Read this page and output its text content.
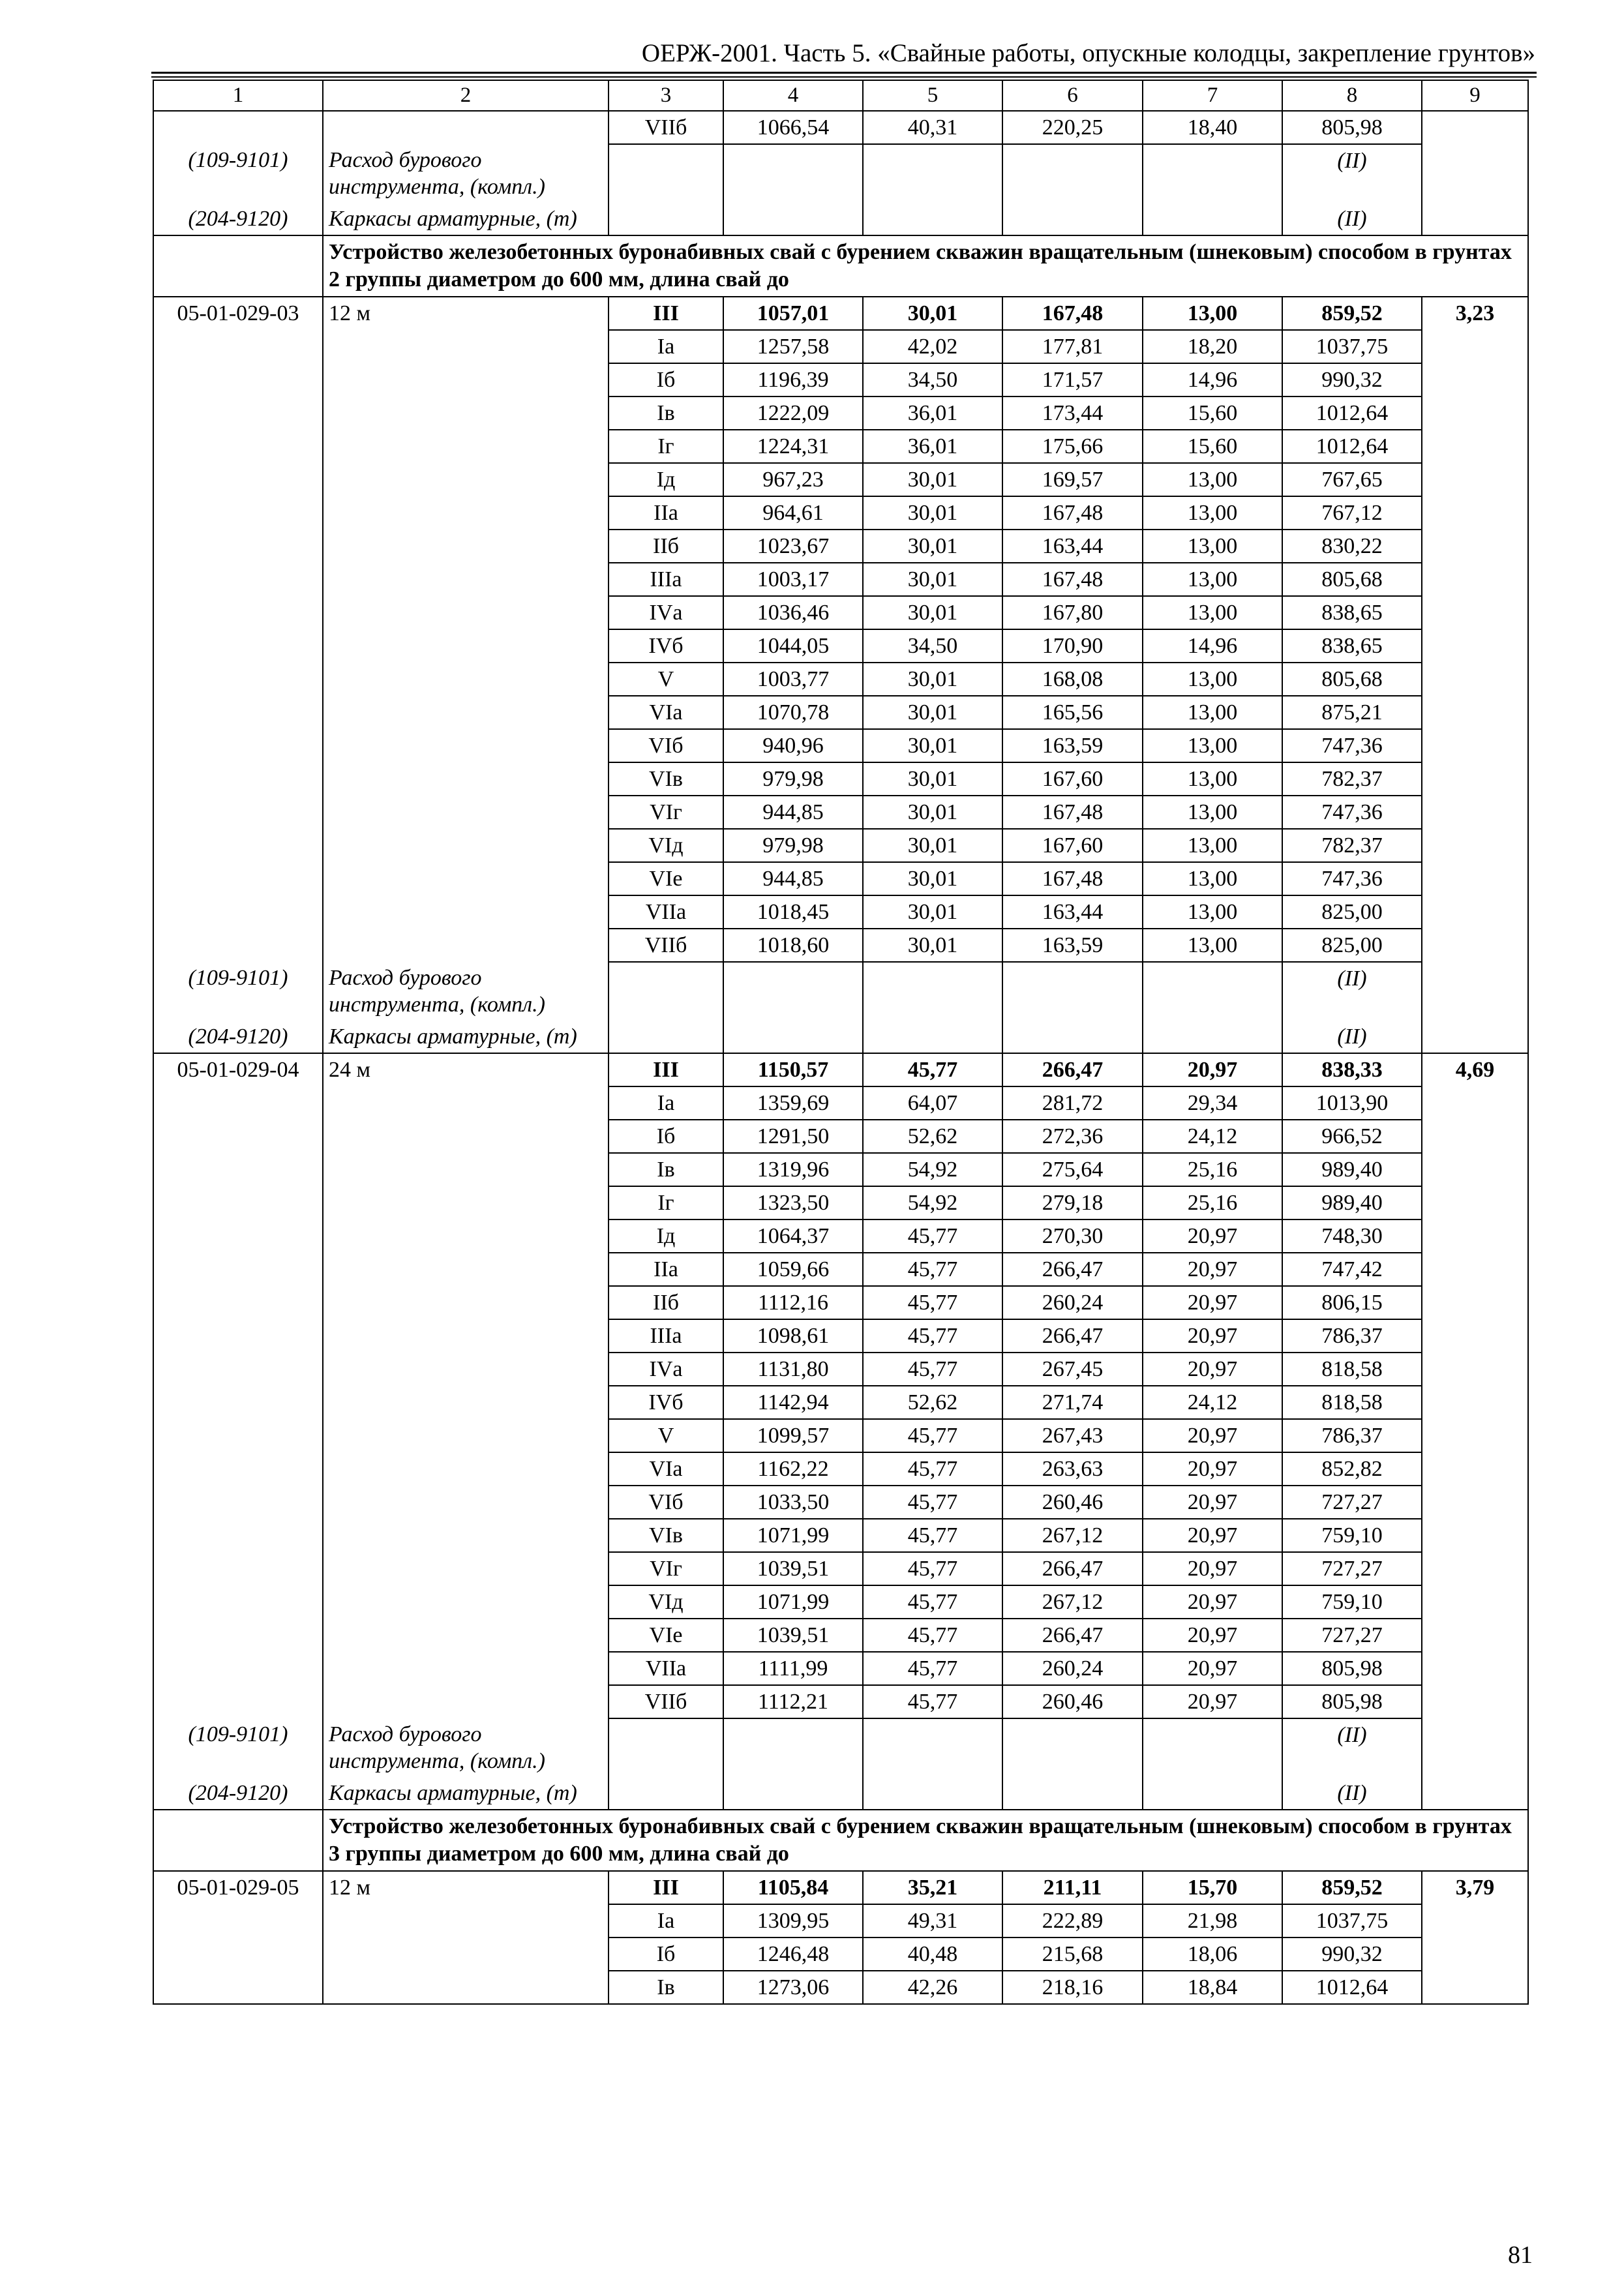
ОЕРЖ-2001. Часть 5. «Свайные работы, опускные колодцы, закрепление грунтов»
1	2	3	4	5	6	7	8	9
		VIIб	1066,54	40,31	220,25	18,40	805,98	
(109-9101)	Расход бурового инструмента, (компл.)						(II)	
(204-9120)	Каркасы арматурные, (т)						(II)	
	Устройство железобетонных буронабивных свай с бурением скважин вращательным (шнековым) способом в грунтах 2 группы диаметром до 600 мм, длина свай до							
05-01-029-03	12 м	III	1057,01	30,01	167,48	13,00	859,52	3,23
		Iа	1257,58	42,02	177,81	18,20	1037,75	
		Iб	1196,39	34,50	171,57	14,96	990,32	
		Iв	1222,09	36,01	173,44	15,60	1012,64	
		Iг	1224,31	36,01	175,66	15,60	1012,64	
		Iд	967,23	30,01	169,57	13,00	767,65	
		IIа	964,61	30,01	167,48	13,00	767,12	
		IIб	1023,67	30,01	163,44	13,00	830,22	
		IIIа	1003,17	30,01	167,48	13,00	805,68	
		IVа	1036,46	30,01	167,80	13,00	838,65	
		IVб	1044,05	34,50	170,90	14,96	838,65	
		V	1003,77	30,01	168,08	13,00	805,68	
		VIа	1070,78	30,01	165,56	13,00	875,21	
		VIб	940,96	30,01	163,59	13,00	747,36	
		VIв	979,98	30,01	167,60	13,00	782,37	
		VIг	944,85	30,01	167,48	13,00	747,36	
		VIд	979,98	30,01	167,60	13,00	782,37	
		VIе	944,85	30,01	167,48	13,00	747,36	
		VIIа	1018,45	30,01	163,44	13,00	825,00	
		VIIб	1018,60	30,01	163,59	13,00	825,00	
(109-9101)	Расход бурового инструмента, (компл.)						(II)	
(204-9120)	Каркасы арматурные, (т)						(II)	
05-01-029-04	24 м	III	1150,57	45,77	266,47	20,97	838,33	4,69
		Iа	1359,69	64,07	281,72	29,34	1013,90	
		Iб	1291,50	52,62	272,36	24,12	966,52	
		Iв	1319,96	54,92	275,64	25,16	989,40	
		Iг	1323,50	54,92	279,18	25,16	989,40	
		Iд	1064,37	45,77	270,30	20,97	748,30	
		IIа	1059,66	45,77	266,47	20,97	747,42	
		IIб	1112,16	45,77	260,24	20,97	806,15	
		IIIа	1098,61	45,77	266,47	20,97	786,37	
		IVа	1131,80	45,77	267,45	20,97	818,58	
		IVб	1142,94	52,62	271,74	24,12	818,58	
		V	1099,57	45,77	267,43	20,97	786,37	
		VIа	1162,22	45,77	263,63	20,97	852,82	
		VIб	1033,50	45,77	260,46	20,97	727,27	
		VIв	1071,99	45,77	267,12	20,97	759,10	
		VIг	1039,51	45,77	266,47	20,97	727,27	
		VIд	1071,99	45,77	267,12	20,97	759,10	
		VIе	1039,51	45,77	266,47	20,97	727,27	
		VIIа	1111,99	45,77	260,24	20,97	805,98	
		VIIб	1112,21	45,77	260,46	20,97	805,98	
(109-9101)	Расход бурового инструмента, (компл.)						(II)	
(204-9120)	Каркасы арматурные, (т)						(II)	
	Устройство железобетонных буронабивных свай с бурением скважин вращательным (шнековым) способом в грунтах 3 группы диаметром до 600 мм, длина свай до							
05-01-029-05	12 м	III	1105,84	35,21	211,11	15,70	859,52	3,79
		Iа	1309,95	49,31	222,89	21,98	1037,75	
		Iб	1246,48	40,48	215,68	18,06	990,32	
		Iв	1273,06	42,26	218,16	18,84	1012,64	
81
